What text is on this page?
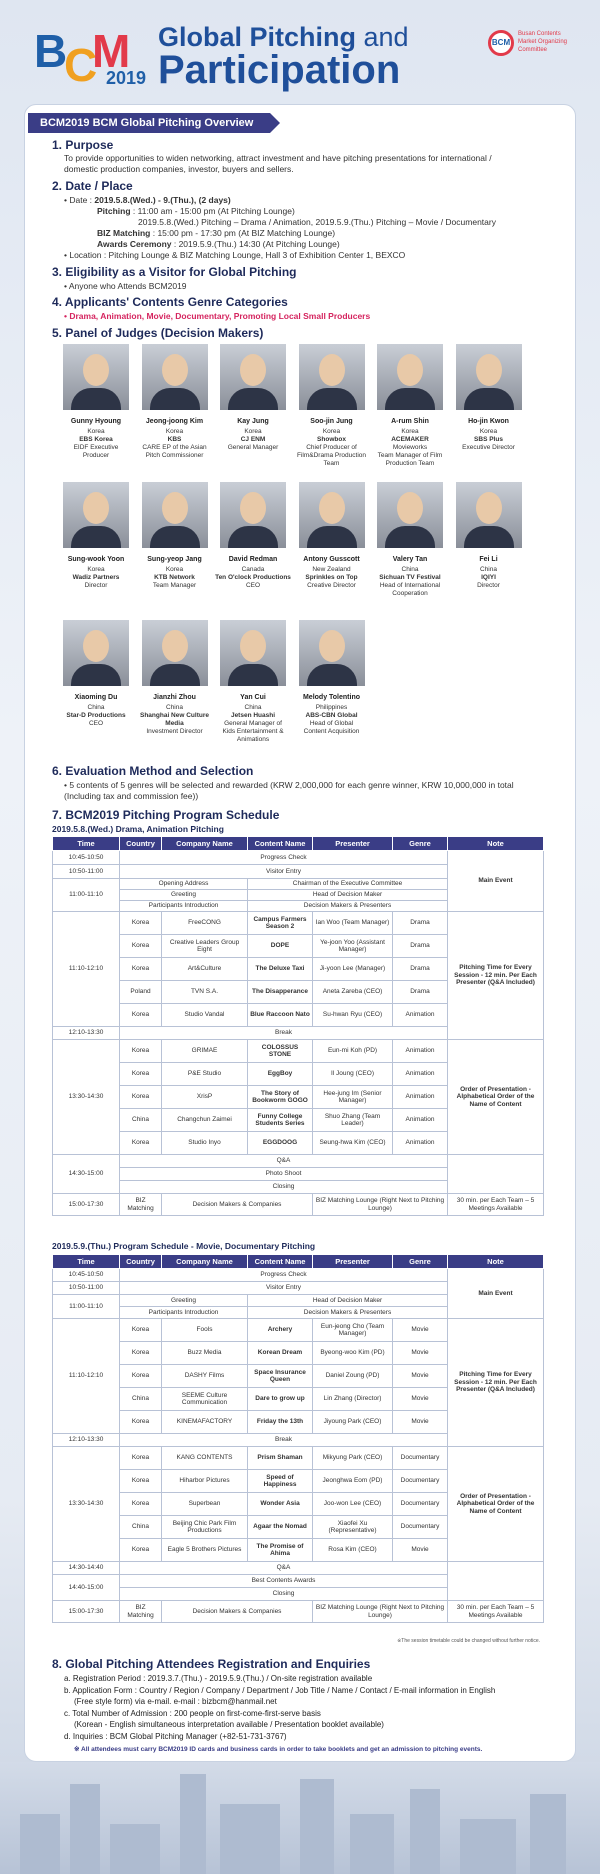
B
C
M
2019
Global Pitching and
Participation
BCM
Busan Contents Market Organizing Committee
BCM2019 BCM Global Pitching Overview
1. Purpose
To provide opportunities to widen networking, attract investment and have pitching presentations for international /
domestic production companies, investor, buyers and sellers.
2. Date / Place
• Date : 2019.5.8.(Wed.) - 9.(Thu.), (2 days)
Pitching : 11:00 am - 15:00 pm (At Pitching Lounge)
2019.5.8.(Wed.) Pitching – Drama / Animation, 2019.5.9.(Thu.) Pitching – Movie / Documentary
BIZ Matching : 15:00 pm - 17:30 pm (At BIZ Matching Lounge)
Awards Ceremony : 2019.5.9.(Thu.) 14:30 (At Pitching Lounge)
• Location : Pitching Lounge & BIZ Matching Lounge, Hall 3 of Exhibition Center 1, BEXCO
3. Eligibility as a Visitor for Global Pitching
• Anyone who Attends BCM2019
4. Applicants' Contents Genre Categories
• Drama, Animation, Movie, Documentary, Promoting Local Small Producers
5. Panel of Judges (Decision Makers)
Gunny Hyoung
Korea
EBS Korea
EIDF Executive
Producer
Jeong-joong Kim
Korea
KBS
CARE EP of the Asian
Pitch Commissioner
Kay Jung
Korea
CJ ENM
General Manager
Soo-jin Jung
Korea
Showbox
Chief Producer of
Film&Drama Production Team
A-rum Shin
Korea
ACEMAKER
Movieworks
Team Manager of Film Production Team
Ho-jin Kwon
Korea
SBS Plus
Executive Director
Sung-wook Yoon
Korea
Wadiz Partners
Director
Sung-yeop Jang
Korea
KTB Network
Team Manager
David Redman
Canada
Ten O'clock Productions
CEO
Antony Gusscott
New Zealand
Sprinkles on Top
Creative Director
Valery Tan
China
Sichuan TV Festival
Head of International
Cooperation
Fei Li
China
IQIYI
Director
Xiaoming Du
China
Star-D Productions
CEO
Jianzhi Zhou
China
Shanghai New Culture Media
Investment Director
Yan Cui
China
Jetsen Huashi
General Manager of
Kids Entertainment & Animations
Melody Tolentino
Philippines
ABS-CBN Global
Head of Global
Content Acquisition
6. Evaluation Method and Selection
• 5 contents of 5 genres will be selected and rewarded (KRW 2,000,000 for each genre winner, KRW 10,000,000 in total
(Including tax and commission fee))
7. BCM2019 Pitching Program Schedule
2019.5.8.(Wed.) Drama, Animation Pitching
Time	Country	Company Name	Content Name	Presenter	Genre	Note
10:45-10:50	Progress Check					Main Event
10:50-11:00	Visitor Entry					
11:00-11:10	Opening Address		Chairman of the Executive Committee			
	Greeting		Head of Decision Maker			
	Participants Introduction		Decision Makers & Presenters			

11:10-12:10	Korea	FreeCONG	Campus Farmers Season 2	Ian Woo (Team Manager)	Drama	Pitching Time for Every Session - 12 min. Per Each Presenter (Q&A Included)
	Korea	Creative Leaders Group Eight	DOPE	Ye-joon Yoo (Assistant Manager)	Drama	
	Korea	Art&Culture	The Deluxe Taxi	Ji-yoon Lee (Manager)	Drama	
	Poland	TVN S.A.	The Disapperance	Aneta Zareba (CEO)	Drama	
	Korea	Studio Vandal	Blue Raccoon Nato	Su-hwan Ryu (CEO)	Animation	
12:10-13:30	Break					
13:30-14:30	Korea	GRIMAE	COLOSSUS STONE	Eun-mi Koh (PD)	Animation	Order of Presentation - Alphabetical Order of the Name of Content
	Korea	P&E Studio	EggBoy	Il Joung (CEO)	Animation	
	Korea	XrisP	The Story of Bookworm GOGO	Hee-jung Im (Senior Manager)	Animation	
	China	Changchun Zaimei	Funny College Students Series	Shuo Zhang (Team Leader)	Animation	
	Korea	Studio Inyo	EGGDOOG	Seung-hwa Kim (CEO)	Animation	
14:30-15:00	Q&A					
	Photo Shoot					
	Closing					
15:00-17:30	BIZ Matching	Decision Makers & Companies		BIZ Matching Lounge (Right Next to Pitching Lounge)		30 min. per Each Team – 5 Meetings Available
2019.5.9.(Thu.) Program Schedule - Movie, Documentary Pitching
Time	Country	Company Name	Content Name	Presenter	Genre	Note
10:45-10:50	Progress Check					Main Event
10:50-11:00	Visitor Entry					
11:00-11:10	Greeting		Head of Decision Maker			
	Participants Introduction		Decision Makers & Presenters			
11:10-12:10	Korea	Fools	Archery	Eun-jeong Cho (Team Manager)	Movie	Pitching Time for Every Session - 12 min. Per Each Presenter (Q&A Included)
	Korea	Buzz Media	Korean Dream	Byeong-woo Kim (PD)	Movie	
	Korea	DASHY Films	Space Insurance Queen	Daniel Zoung (PD)	Movie	
	China	SEEME Culture Communication	Dare to grow up	Lin Zhang (Director)	Movie	
	Korea	KINEMAFACTORY	Friday the 13th	Jiyoung Park (CEO)	Movie	
12:10-13:30	Break					
13:30-14:30	Korea	KANG CONTENTS	Prism Shaman	Mikyung Park (CEO)	Documentary	Order of Presentation - Alphabetical Order of the Name of Content
	Korea	Hiharbor Pictures	Speed of Happiness	Jeonghwa Eom (PD)	Documentary	
	Korea	Superbean	Wonder Asia	Joo-won Lee (CEO)	Documentary	
	China	Beijing Chic Park Film Productions	Agaar the Nomad	Xiaofei Xu (Representative)	Documentary	
	Korea	Eagle 5 Brothers Pictures	The Promise of Ahima	Rosa Kim (CEO)	Movie	
14:30-14:40	Q&A					
14:40-15:00	Best Contents Awards					
	Closing					
15:00-17:30	BIZ Matching	Decision Makers & Companies		BIZ Matching Lounge (Right Next to Pitching Lounge)		30 min. per Each Team – 5 Meetings Available
※The session timetable could be changed without further notice.
8. Global Pitching Attendees Registration and Enquiries
a. Registration Period : 2019.3.7.(Thu.) - 2019.5.9.(Thu.) / On-site registration available
b. Application Form : Country / Region / Company / Department / Job Title / Name / Contact / E-mail information in English
(Free style form) via e-mail. e-mail : bizbcm@hanmail.net
c. Total Number of Admission : 200 people on first-come-first-serve basis
(Korean - English simultaneous interpretation available / Presentation booklet available)
d. Inquiries : BCM Global Pitching Manager (+82-51-731-3767)
※ All attendees must carry BCM2019 ID cards and business cards in order to take booklets and get an admission to pitching events.
